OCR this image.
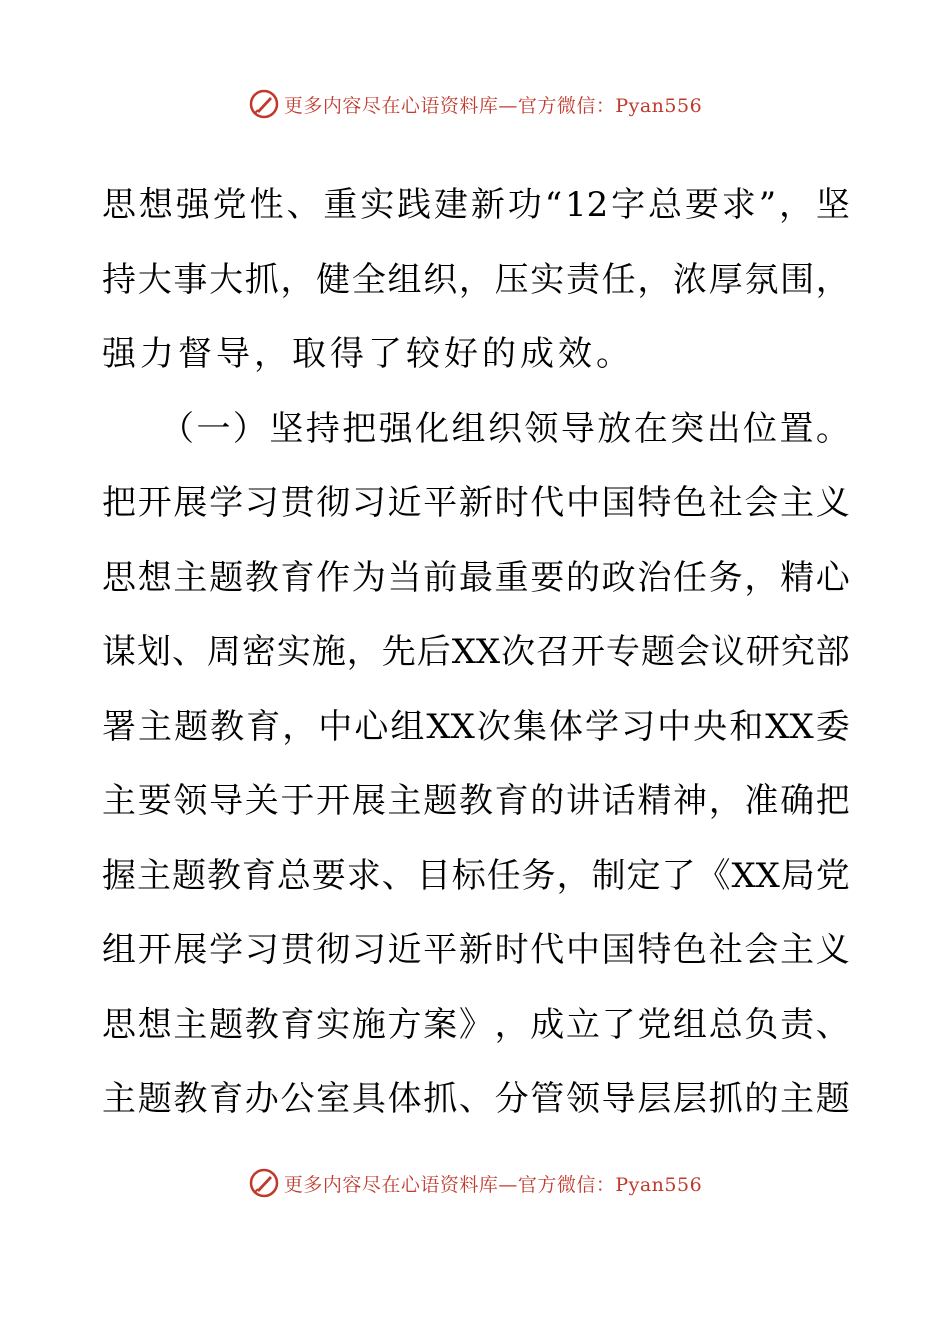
更多内容尽在心语资料库—官方微信：Pyan556
思 想 强 党 性 、 重 实 践 建 新 功 “ 12 字 总 要 求 ” ， 坚
持 大 事 大 抓 ， 健 全 组 织 ， 压 实 责 任 ， 浓 厚 氛 围 ，
强力督导，取得了较好的成效。
（ 一 ） 坚 持 把 强 化 组 织 领 导 放 在 突 出 位 置 。
把 开 展 学 习 贯 彻 习 近 平 新 时 代 中 国 特 色 社 会 主 义
思 想 主 题 教 育 作 为 当 前 最 重 要 的 政 治 任 务 ， 精 心
谋 划 、 周 密 实 施 ， 先 后 XX 次 召 开 专 题 会 议 研 究 部
署 主 题 教 育 ， 中 心 组 XX 次 集 体 学 习 中 央 和 XX 委
主 要 领 导 关 于 开 展 主 题 教 育 的 讲 话 精 神 ， 准 确 把
握 主 题 教 育 总 要 求 、 目 标 任 务 ， 制 定 了 《 XX 局 党
组 开 展 学 习 贯 彻 习 近 平 新 时 代 中 国 特 色 社 会 主 义
思 想 主 题 教 育 实 施 方 案 》 ， 成 立 了 党 组 总 负 责 、
主 题 教 育 办 公 室 具 体 抓 、 分 管 领 导 层 层 抓 的 主 题
更多内容尽在心语资料库—官方微信：Pyan556
